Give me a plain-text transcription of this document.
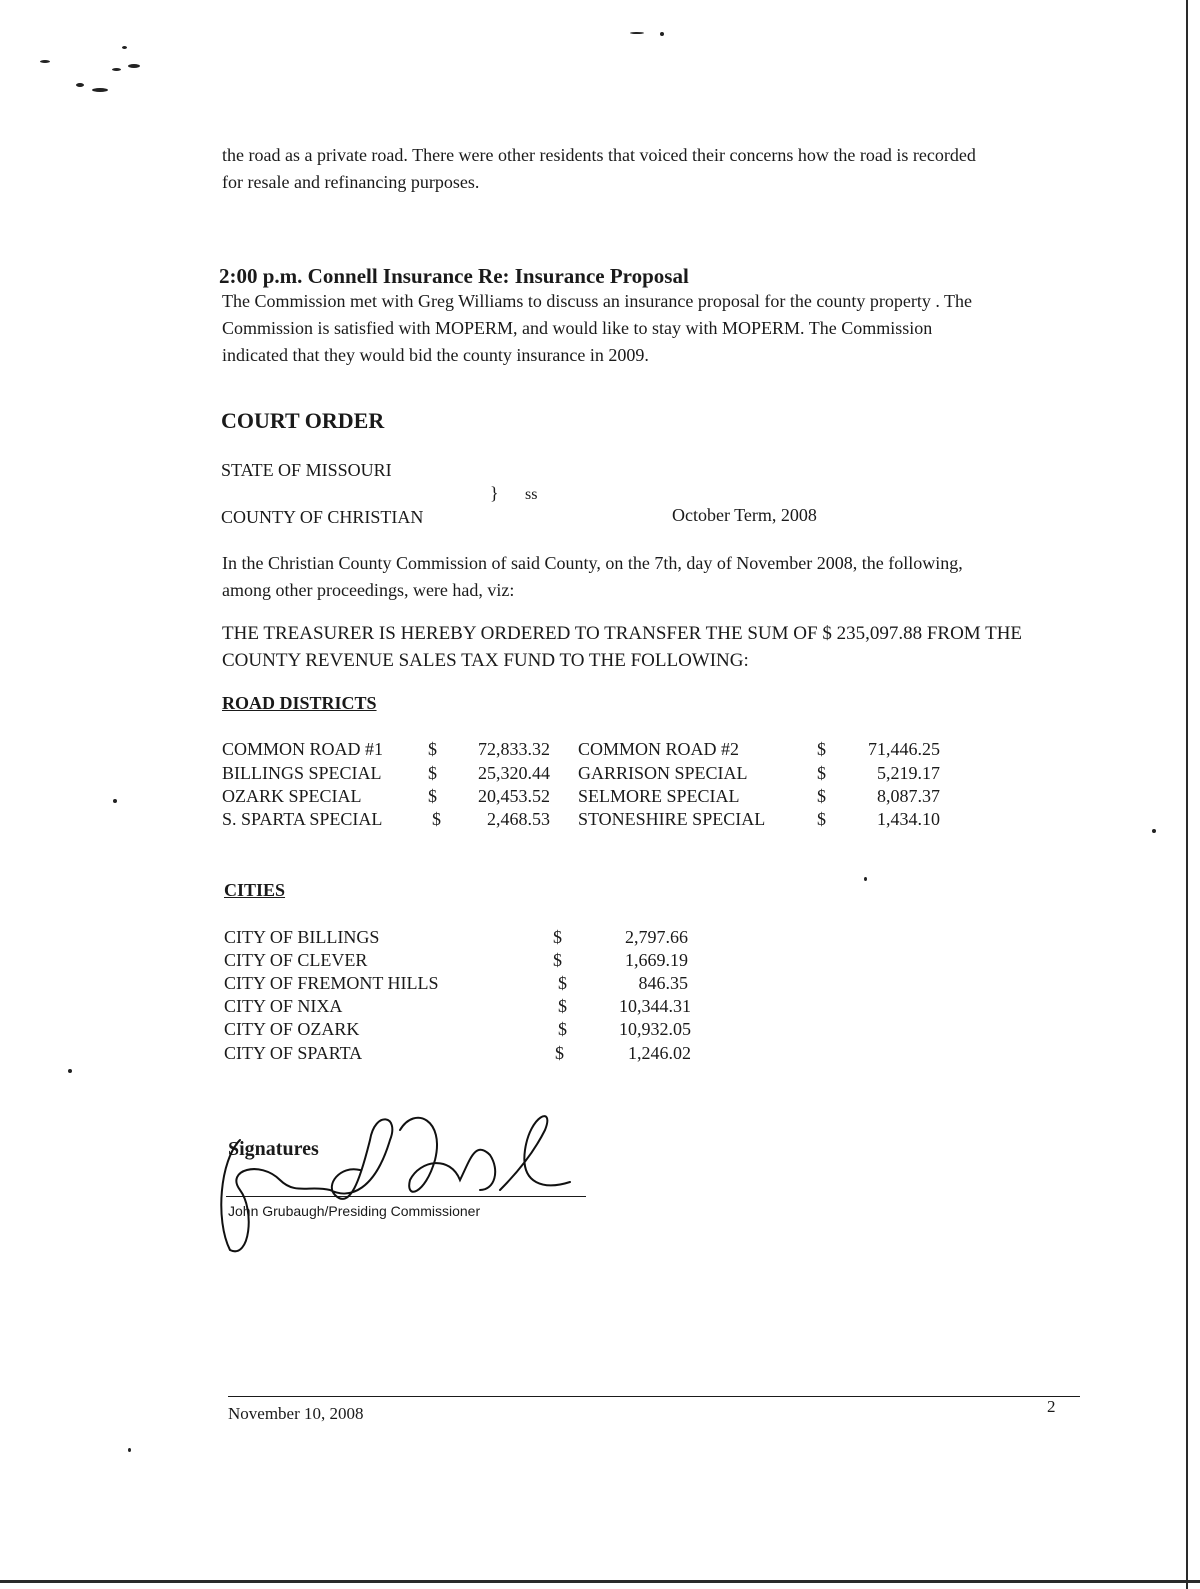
the road as a private road. There were other residents that voiced their concerns how the road is recorded
for resale and refinancing purposes.
2:00 p.m. Connell Insurance Re: Insurance Proposal
The Commission met with Greg Williams to discuss an insurance proposal for the county property . The
Commission is satisfied with MOPERM, and would like to stay with MOPERM. The Commission
indicated that they would bid the county insurance in 2009.
COURT ORDER
STATE OF MISSOURI
} ss
COUNTY OF CHRISTIAN	October Term, 2008
In the Christian County Commission of said County, on the 7th, day of November 2008, the following,
among other proceedings, were had, viz:
THE TREASURER IS HEREBY ORDERED TO TRANSFER THE SUM OF $ 235,097.88 FROM THE
COUNTY REVENUE SALES TAX FUND TO THE FOLLOWING:
ROAD DISTRICTS
COMMON ROAD #1 $	72,833.32 COMMON ROAD #2	$	71,446.25
BILLINGS SPECIAL	$	25,320.44 GARRISON SPECIAL	$	5,219.17
OZARK SPECIAL	$	20,453.52 SELMORE SPECIAL	$	8,087.37
S. SPARTA SPECIAL	$	2,468.53 STONESHIRE SPECIAL	$	1,434.10
CITIES
CITY OF BILLINGS	$	2,797.66
CITY OF CLEVER	$	1,669.19
CITY OF FREMONT HILLS	$	846.35
CITY OF NIXA	$	10,344.31
CITY OF OZARK	$	10,932.05
CITY OF SPARTA	$	1,246.02
Signatures
John Grubaugh/Presiding Commissioner
November 10, 2008	2
